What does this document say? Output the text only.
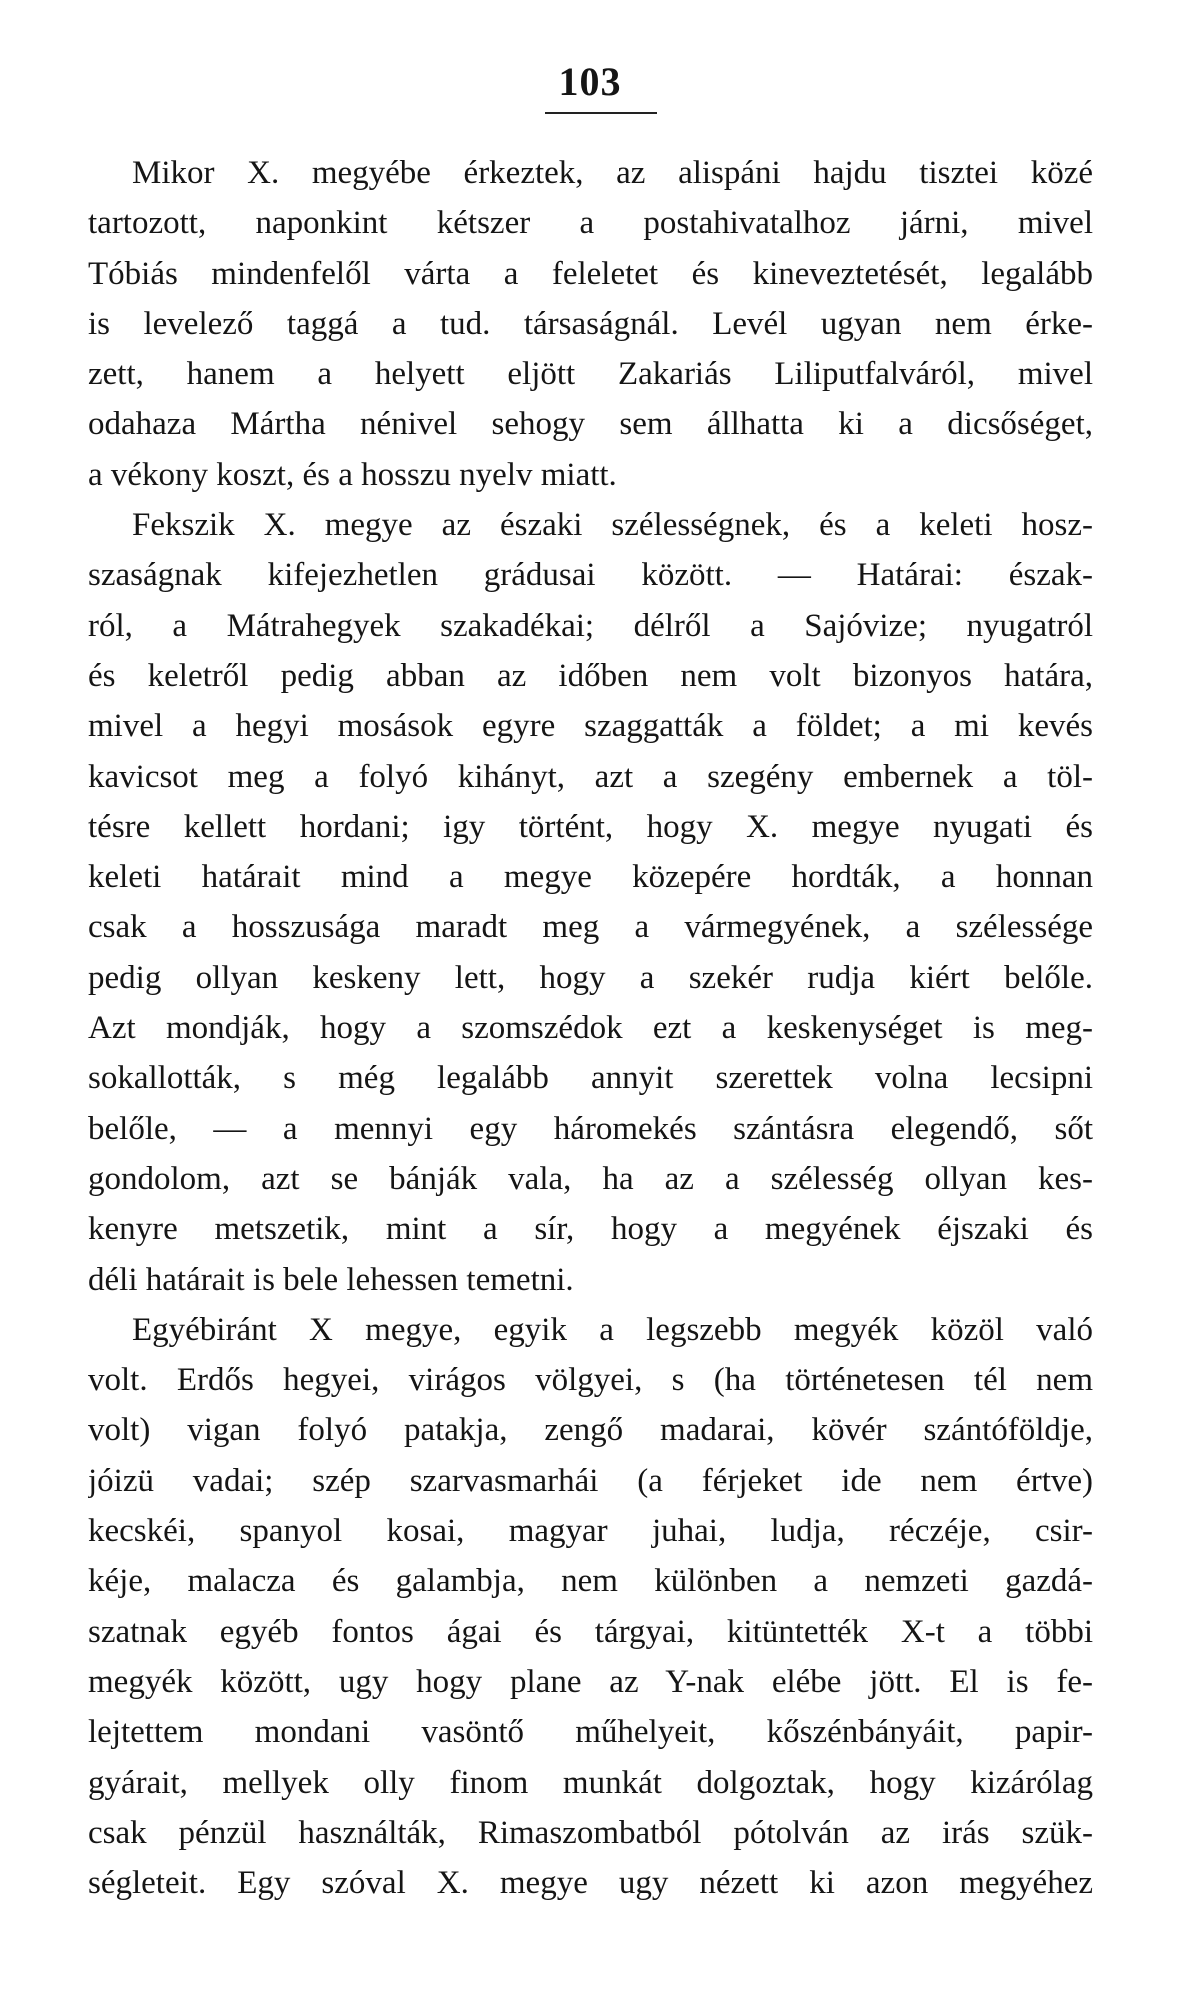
103
Mikor X. megyébe érkeztek, az alispáni hajdu tisztei közé
tartozott, naponkint kétszer a postahivatalhoz járni, mivel
Tóbiás mindenfelől várta a feleletet és kineveztetését, legalább
is levelező taggá a tud. társaságnál. Levél ugyan nem érke-
zett, hanem a helyett eljött Zakariás Liliputfalváról, mivel
odahaza Mártha nénivel sehogy sem állhatta ki a dicsőséget,
a vékony koszt, és a hosszu nyelv miatt.
Fekszik X. megye az északi szélességnek, és a keleti hosz-
szaságnak kifejezhetlen grádusai között. — Határai: észak-
ról, a Mátrahegyek szakadékai; délről a Sajóvize; nyugatról
és keletről pedig abban az időben nem volt bizonyos határa,
mivel a hegyi mosások egyre szaggatták a földet; a mi kevés
kavicsot meg a folyó kihányt, azt a szegény embernek a töl-
tésre kellett hordani; igy történt, hogy X. megye nyugati és
keleti határait mind a megye közepére hordták, a honnan
csak a hosszusága maradt meg a vármegyének, a szélessége
pedig ollyan keskeny lett, hogy a szekér rudja kiért belőle.
Azt mondják, hogy a szomszédok ezt a keskenységet is meg-
sokallották, s még legalább annyit szerettek volna lecsipni
belőle, — a mennyi egy háromekés szántásra elegendő, sőt
gondolom, azt se bánják vala, ha az a szélesség ollyan kes-
kenyre metszetik, mint a sír, hogy a megyének éjszaki és
déli határait is bele lehessen temetni.
Egyébiránt X megye, egyik a legszebb megyék közöl való
volt. Erdős hegyei, virágos völgyei, s (ha történetesen tél nem
volt) vigan folyó patakja, zengő madarai, kövér szántóföldje,
jóizü vadai; szép szarvasmarhái (a férjeket ide nem értve)
kecskéi, spanyol kosai, magyar juhai, ludja, réczéje, csir-
kéje, malacza és galambja, nem különben a nemzeti gazdá-
szatnak egyéb fontos ágai és tárgyai, kitüntették X-t a többi
megyék között, ugy hogy plane az Y-nak elébe jött. El is fe-
lejtettem mondani vasöntő műhelyeit, kőszénbányáit, papir-
gyárait, mellyek olly finom munkát dolgoztak, hogy kizárólag
csak pénzül használták, Rimaszombatból pótolván az irás szük-
ségleteit. Egy szóval X. megye ugy nézett ki azon megyéhez
